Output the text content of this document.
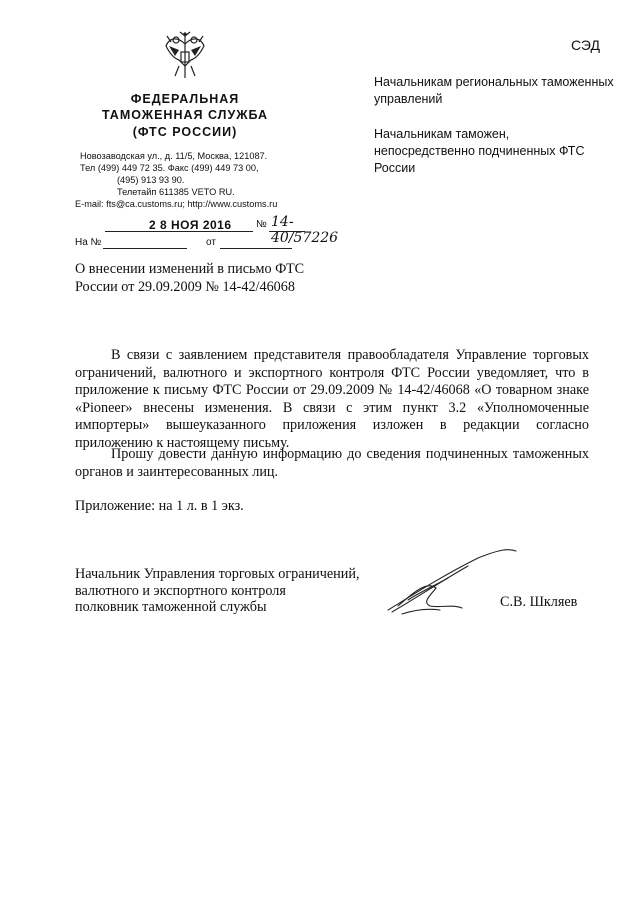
ФЕДЕРАЛЬНАЯ
ТАМОЖЕННАЯ СЛУЖБА
(ФТС РОССИИ)
Новозаводская ул., д. 11/5, Москва, 121087.
Тел (499) 449 72 35. Факс (499) 449 73 00,
(495) 913 93 90.
Телетайп 611385 VETO RU.
E-mail: fts@ca.customs.ru; http://www.customs.ru
СЭД
Начальникам региональных таможенных управлений
Начальникам таможен, непосредственно подчиненных ФТС России
2 8 НОЯ 2016 № 14-40/57226
На №	от
О внесении изменений в письмо ФТС России от 29.09.2009 № 14-42/46068

В связи с заявлением представителя правообладателя Управление торговых ограничений, валютного и экспортного контроля ФТС России уведомляет, что в приложение к письму ФТС России от 29.09.2009 № 14-42/46068 «О товарном знаке «Pioneer» внесены изменения. В связи с этим пункт 3.2 «Уполномоченные импортеры» вышеуказанного приложения изложен в редакции согласно приложению к настоящему письму.

Прошу довести данную информацию до сведения подчиненных таможенных органов и заинтересованных лиц.

Приложение: на 1 л. в 1 экз.
Начальник Управления торговых ограничений,
валютного и экспортного контроля
полковник таможенной службы	С.В. Шкляев
